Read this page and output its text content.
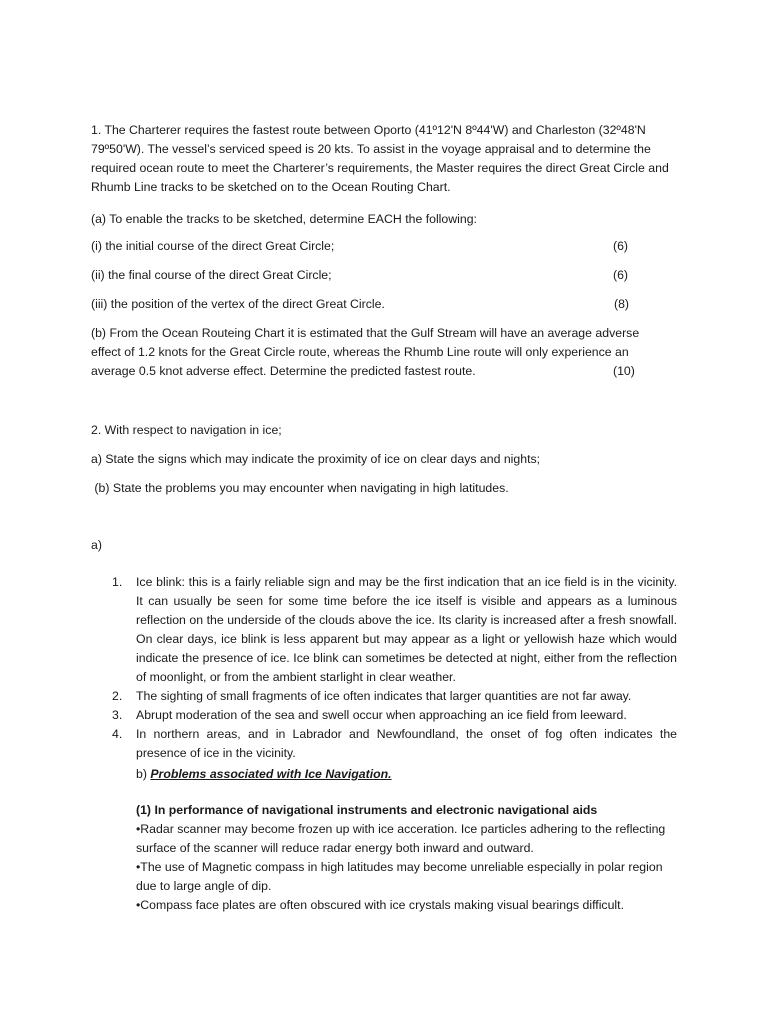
1. The Charterer requires the fastest route between Oporto (41º12'N 8º44'W) and Charleston (32º48'N 79º50'W). The vessel’s serviced speed is 20 kts. To assist in the voyage appraisal and to determine the required ocean route to meet the Charterer’s requirements, the Master requires the direct Great Circle and Rhumb Line tracks to be sketched on to the Ocean Routing Chart.

(a) To enable the tracks to be sketched, determine EACH the following:

(i) the initial course of the direct Great Circle;	(6)
(ii) the final course of the direct Great Circle;	(6)
(iii) the position of the vertex of the direct Great Circle.	(8)
(b) From the Ocean Routeing Chart it is estimated that the Gulf Stream will have an average adverse
effect of 1.2 knots for the Great Circle route, whereas the Rhumb Line route will only experience an
average 0.5 knot adverse effect. Determine the predicted fastest route.	(10)

2. With respect to navigation in ice;

a) State the signs which may indicate the proximity of ice on clear days and nights;

(b) State the problems you may encounter when navigating in high latitudes.

a)

1. Ice blink: this is a fairly reliable sign and may be the first indication that an ice field is in the vicinity. It can usually be seen for some time before the ice itself is visible and appears as a luminous reflection on the underside of the clouds above the ice. Its clarity is increased after a fresh snowfall. On clear days, ice blink is less apparent but may appear as a light or yellowish haze which would indicate the presence of ice. Ice blink can sometimes be detected at night, either from the reflection of moonlight, or from the ambient starlight in clear weather.
2. The sighting of small fragments of ice often indicates that larger quantities are not far away.
3. Abrupt moderation of the sea and swell occur when approaching an ice field from leeward.
4. In northern areas, and in Labrador and Newfoundland, the onset of fog often indicates the presence of ice in the vicinity.

b) Problems associated with Ice Navigation.

(1) In performance of navigational instruments and electronic navigational aids
•Radar scanner may become frozen up with ice acceration. Ice particles adhering to the reflecting surface of the scanner will reduce radar energy both inward and outward.
•The use of Magnetic compass in high latitudes may become unreliable especially in polar region due to large angle of dip.
•Compass face plates are often obscured with ice crystals making visual bearings difficult.
